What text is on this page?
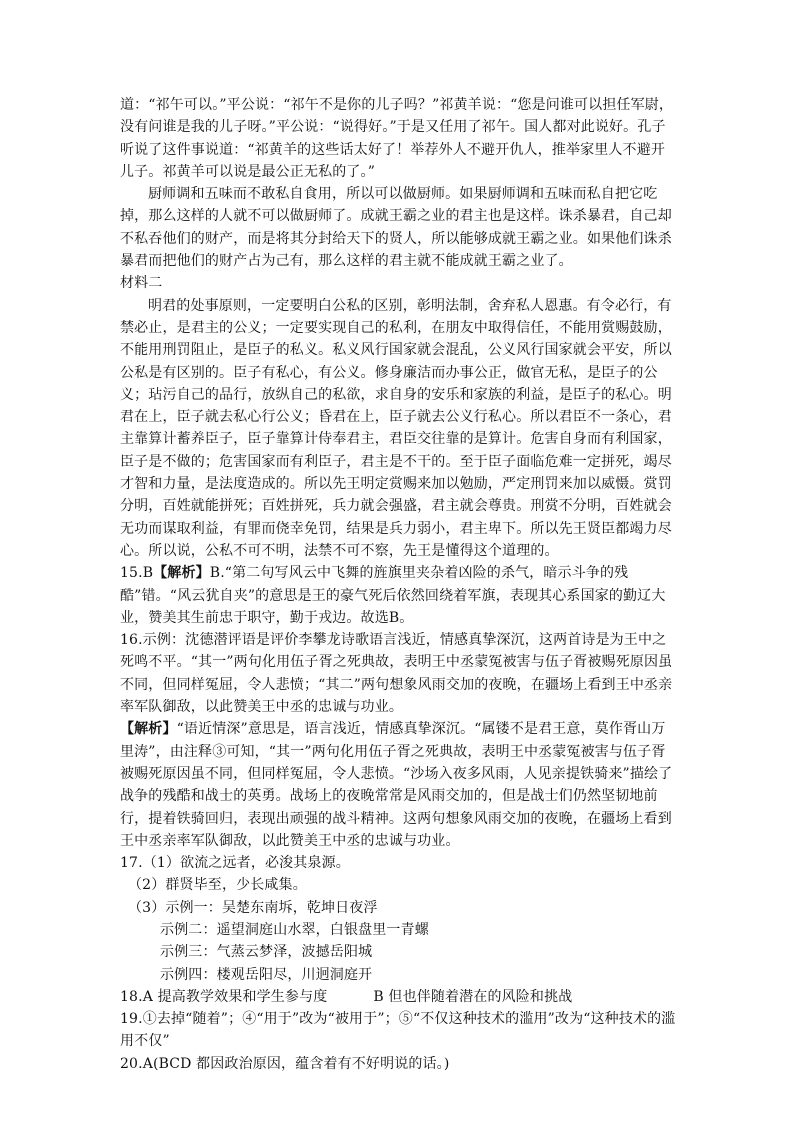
道：“祁午可以。”平公说：“祁午不是你的儿子吗？”祁黄羊说：“您是问谁可以担任军尉，没有问谁是我的儿子呀。”平公说：“说得好。”于是又任用了祁午。国人都对此说好。孔子听说了这件事说道：“祁黄羊的这些话太好了！举荐外人不避开仇人，推举家里人不避开儿子。祁黄羊可以说是最公正无私的了。”

厨师调和五味而不敢私自食用，所以可以做厨师。如果厨师调和五味而私自把它吃掉，那么这样的人就不可以做厨师了。成就王霸之业的君主也是这样。诛杀暴君，自己却不私吞他们的财产，而是将其分封给天下的贤人，所以能够成就王霸之业。如果他们诛杀暴君而把他们的财产占为己有，那么这样的君主就不能成就王霸之业了。

材料二

明君的处事原则，一定要明白公私的区别，彰明法制，舍弃私人恩惠。有令必行，有禁必止，是君主的公义；一定要实现自己的私利，在朋友中取得信任，不能用赏赐鼓励，不能用刑罚阻止，是臣子的私义。私义风行国家就会混乱，公义风行国家就会平安，所以公私是有区别的。臣子有私心，有公义。修身廉洁而办事公正，做官无私，是臣子的公义；玷污自己的品行，放纵自己的私欲，求自身的安乐和家族的利益，是臣子的私心。明君在上，臣子就去私心行公义；昏君在上，臣子就去公义行私心。所以君臣不一条心，君主靠算计蓄养臣子，臣子靠算计侍奉君主，君臣交往靠的是算计。危害自身而有利国家，臣子是不做的；危害国家而有利臣子，君主是不干的。至于臣子面临危难一定拼死，竭尽才智和力量，是法度造成的。所以先王明定赏赐来加以勉励，严定刑罚来加以威慑。赏罚分明，百姓就能拼死；百姓拼死，兵力就会强盛，君主就会尊贵。刑赏不分明，百姓就会无功而谋取利益，有罪而侥幸免罚，结果是兵力弱小，君主卑下。所以先王贤臣都竭力尽心。所以说，公私不可不明，法禁不可不察，先王是懂得这个道理的。

15.B【解析】B.“第二句写风云中飞舞的旌旗里夹杂着凶险的杀气，暗示斗争的残酷”错。“风云犹自夹”的意思是王的豪气死后依然回绕着军旗，表现其心系国家的勤辽大业，赞美其生前忠于职守，勤于戎边。故选B。

16.示例：沈德潜评语是评价李攀龙诗歌语言浅近，情感真挚深沉，这两首诗是为王中之死鸣不平。“其一”两句化用伍子胥之死典故，表明王中丞蒙冤被害与伍子胥被赐死原因虽不同，但同样冤屈，令人悲愤；“其二”两句想象风雨交加的夜晚，在疆场上看到王中丞亲率军队御敌，以此赞美王中丞的忠诚与功业。

【解析】“语近情深”意思是，语言浅近，情感真挚深沉。“属镂不是君王意，莫作胥山万里涛”，由注释③可知，“其一”两句化用伍子胥之死典故，表明王中丞蒙冤被害与伍子胥被赐死原因虽不同，但同样冤屈，令人悲愤。“沙场入夜多风雨，人见亲提铁骑来”描绘了战争的残酷和战士的英勇。战场上的夜晚常常是风雨交加的，但是战士们仍然坚韧地前行，提着铁骑回归，表现出顽强的战斗精神。这两句想象风雨交加的夜晚，在疆场上看到王中丞亲率军队御敌，以此赞美王中丞的忠诚与功业。

17.（1）欲流之远者，必浚其泉源。

（2）群贤毕至，少长咸集。

（3）示例一：吴楚东南坼，乾坤日夜浮

示例二：遥望洞庭山水翠，白银盘里一青螺

示例三：气蒸云梦泽，波撼岳阳城

示例四：楼观岳阳尽，川迥洞庭开

18.A 提高教学效果和学生参与度	B 但也伴随着潜在的风险和挑战

19.①去掉“随着”；④“用于”改为“被用于”；⑤“不仅这种技术的滥用”改为“这种技术的滥用不仅”

20.A(BCD 都因政治原因，蕴含着有不好明说的话。)
